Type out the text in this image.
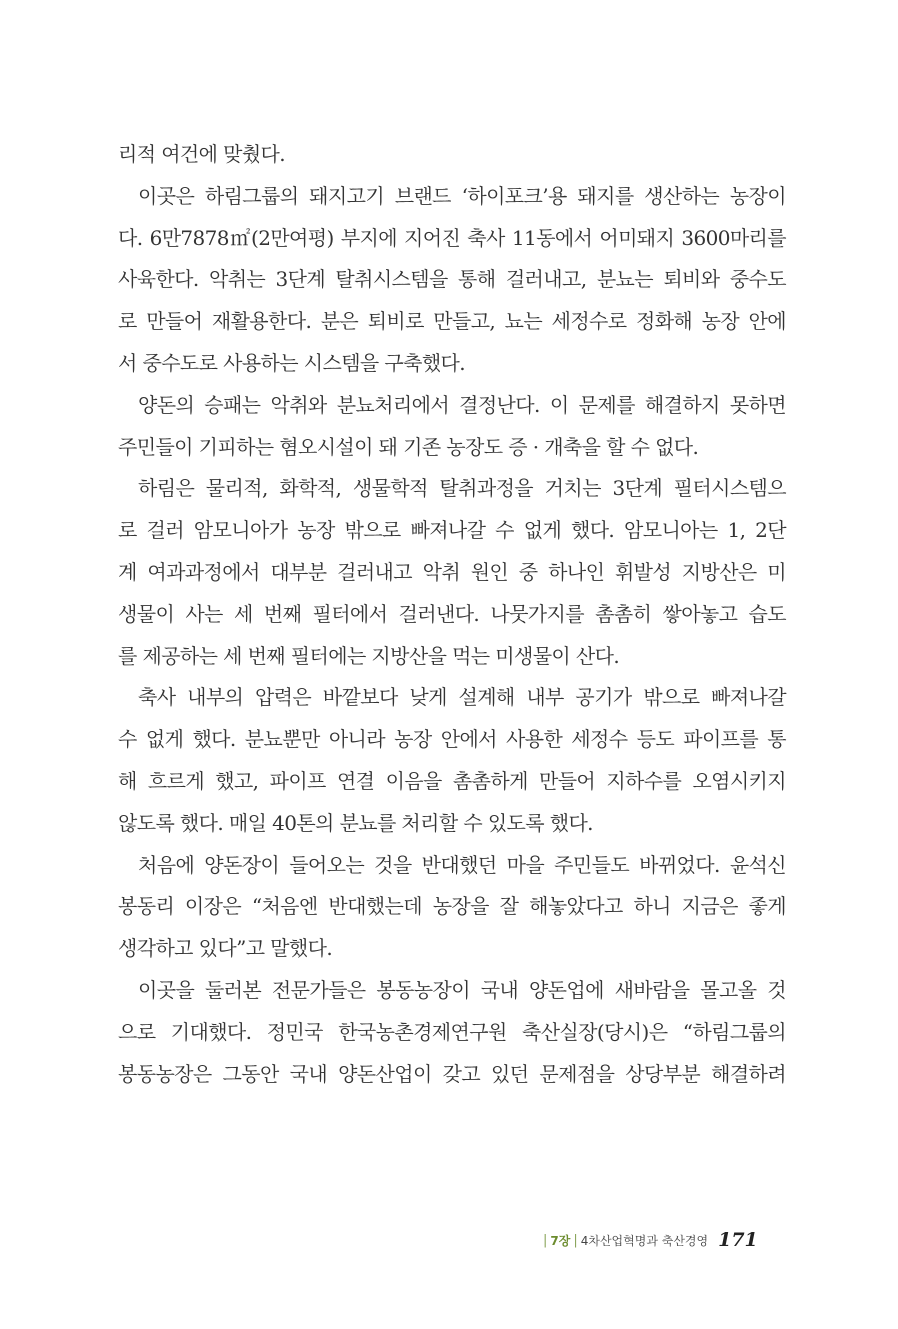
리적 여건에 맞췄다.
이곳은 하림그룹의 돼지고기 브랜드 ‘하이포크’용 돼지를 생산하는 농장이
다. 6만7878㎡(2만여평) 부지에 지어진 축사 11동에서 어미돼지 3600마리를
사육한다. 악취는 3단계 탈취시스템을 통해 걸러내고, 분뇨는 퇴비와 중수도
로 만들어 재활용한다. 분은 퇴비로 만들고, 뇨는 세정수로 정화해 농장 안에
서 중수도로 사용하는 시스템을 구축했다.
양돈의 승패는 악취와 분뇨처리에서 결정난다. 이 문제를 해결하지 못하면
주민들이 기피하는 혐오시설이 돼 기존 농장도 증 · 개축을 할 수 없다.
하림은 물리적, 화학적, 생물학적 탈취과정을 거치는 3단계 필터시스템으
로 걸러 암모니아가 농장 밖으로 빠져나갈 수 없게 했다. 암모니아는 1, 2단
계 여과과정에서 대부분 걸러내고 악취 원인 중 하나인 휘발성 지방산은 미
생물이 사는 세 번째 필터에서 걸러낸다. 나뭇가지를 촘촘히 쌓아놓고 습도
를 제공하는 세 번째 필터에는 지방산을 먹는 미생물이 산다.
축사 내부의 압력은 바깥보다 낮게 설계해 내부 공기가 밖으로 빠져나갈
수 없게 했다. 분뇨뿐만 아니라 농장 안에서 사용한 세정수 등도 파이프를 통
해 흐르게 했고, 파이프 연결 이음을 촘촘하게 만들어 지하수를 오염시키지
않도록 했다. 매일 40톤의 분뇨를 처리할 수 있도록 했다.
처음에 양돈장이 들어오는 것을 반대했던 마을 주민들도 바뀌었다. 윤석신
봉동리 이장은 “처음엔 반대했는데 농장을 잘 해놓았다고 하니 지금은 좋게
생각하고 있다”고 말했다.
이곳을 둘러본 전문가들은 봉동농장이 국내 양돈업에 새바람을 몰고올 것
으로 기대했다. 정민국 한국농촌경제연구원 축산실장(당시)은 “하림그룹의
봉동농장은 그동안 국내 양돈산업이 갖고 있던 문제점을 상당부분 해결하려
| 7장 | 4차산업혁명과 축산경영 171
